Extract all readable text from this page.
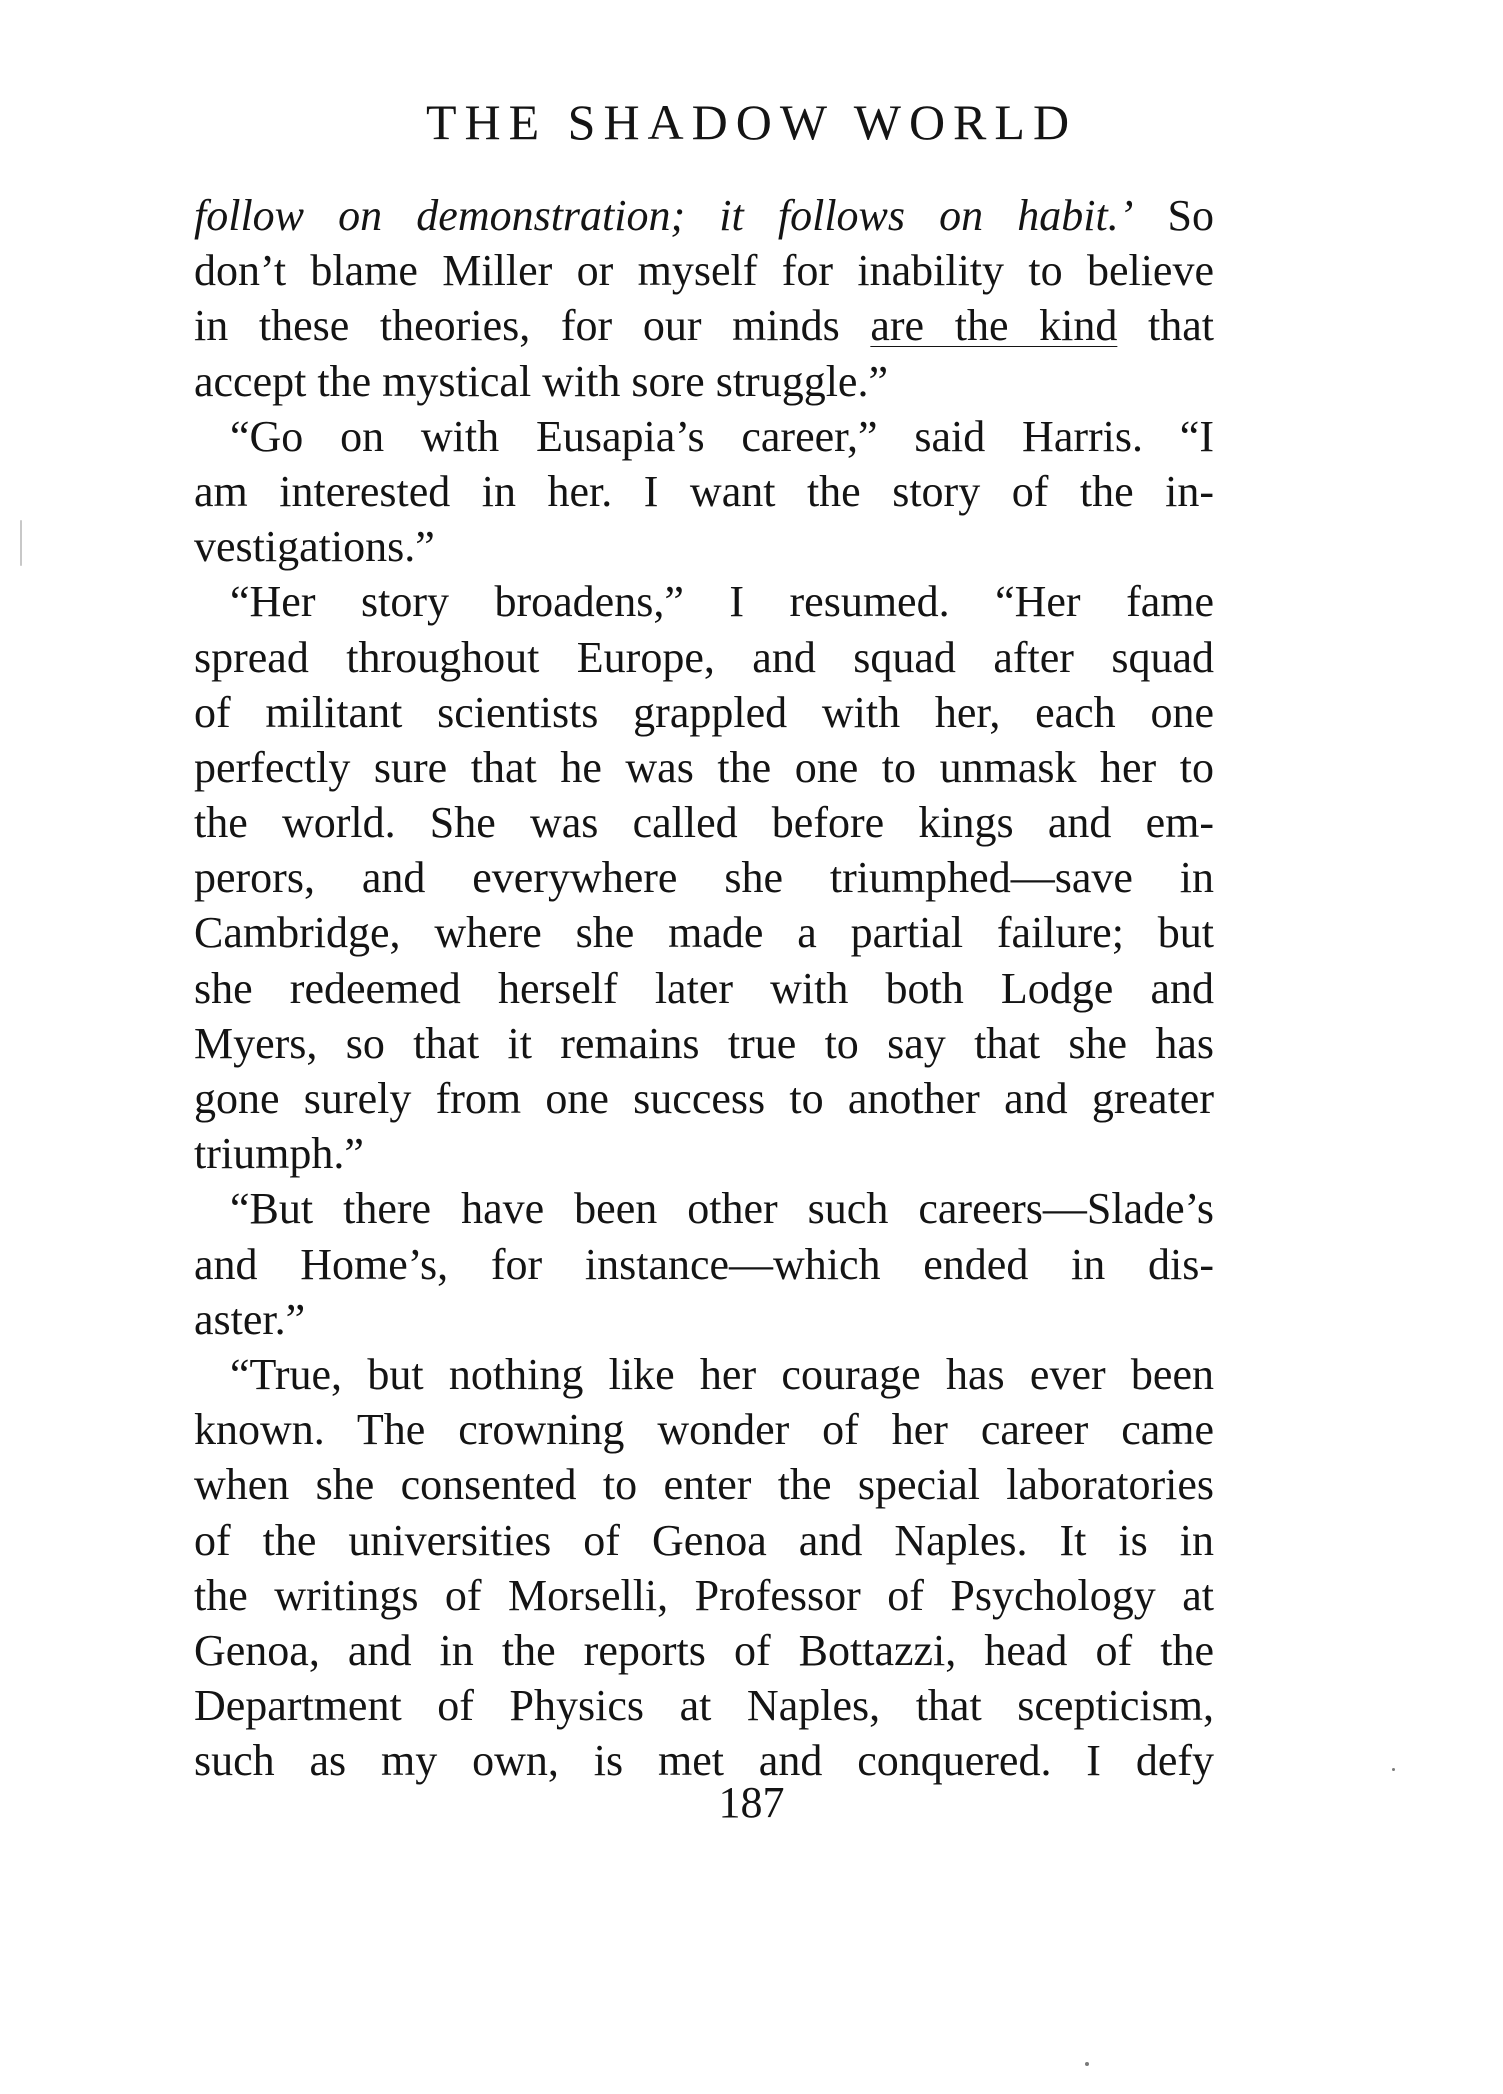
THE SHADOW WORLD
follow on demonstration; it follows on habit.’ So
don’t blame Miller or myself for inability to believe
in these theories, for our minds are the kind that
accept the mystical with sore struggle.”
“Go on with Eusapia’s career,” said Harris. “I
am interested in her. I want the story of the in-
vestigations.”
“Her story broadens,” I resumed. “Her fame
spread throughout Europe, and squad after squad
of militant scientists grappled with her, each one
perfectly sure that he was the one to unmask her to
the world. She was called before kings and em-
perors, and everywhere she triumphed—save in
Cambridge, where she made a partial failure; but
she redeemed herself later with both Lodge and
Myers, so that it remains true to say that she has
gone surely from one success to another and greater
triumph.”
“But there have been other such careers—Slade’s
and Home’s, for instance—which ended in dis-
aster.”
“True, but nothing like her courage has ever been
known. The crowning wonder of her career came
when she consented to enter the special laboratories
of the universities of Genoa and Naples. It is in
the writings of Morselli, Professor of Psychology at
Genoa, and in the reports of Bottazzi, head of the
Department of Physics at Naples, that scepticism,
such as my own, is met and conquered. I defy
187
